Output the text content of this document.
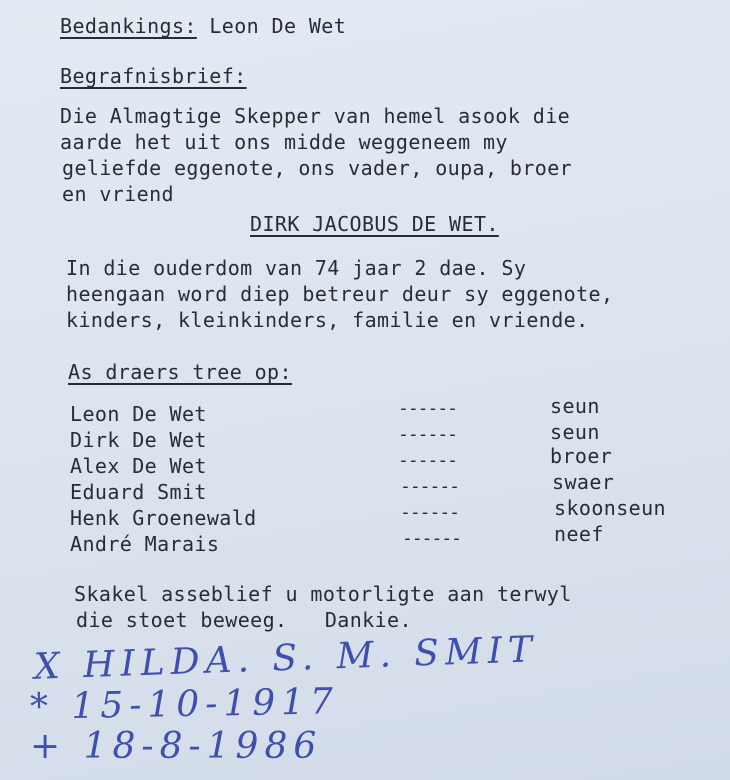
Bedankings: Leon De Wet
Begrafnisbrief:
Die Almagtige Skepper van hemel asook die
aarde het uit ons midde weggeneem my
geliefde eggenote, ons vader, oupa, broer
en vriend
DIRK JACOBUS DE WET.
In die ouderdom van 74 jaar 2 dae. Sy
heengaan word diep betreur deur sy eggenote,
kinders, kleinkinders, familie en vriende.
As draers tree op:
Leon De Wet	------	seun
Dirk De Wet	------	seun
Alex De Wet	------	broer
Eduard Smit	------	swaer
Henk Groenewald	------	skoonseun
André Marais	------	neef
Skakel asseblief u motorligte aan terwyl
die stoet beweeg.   Dankie.
X HILDA. S. M. SMIT
* 15-10-1917
+ 18-8-1986
